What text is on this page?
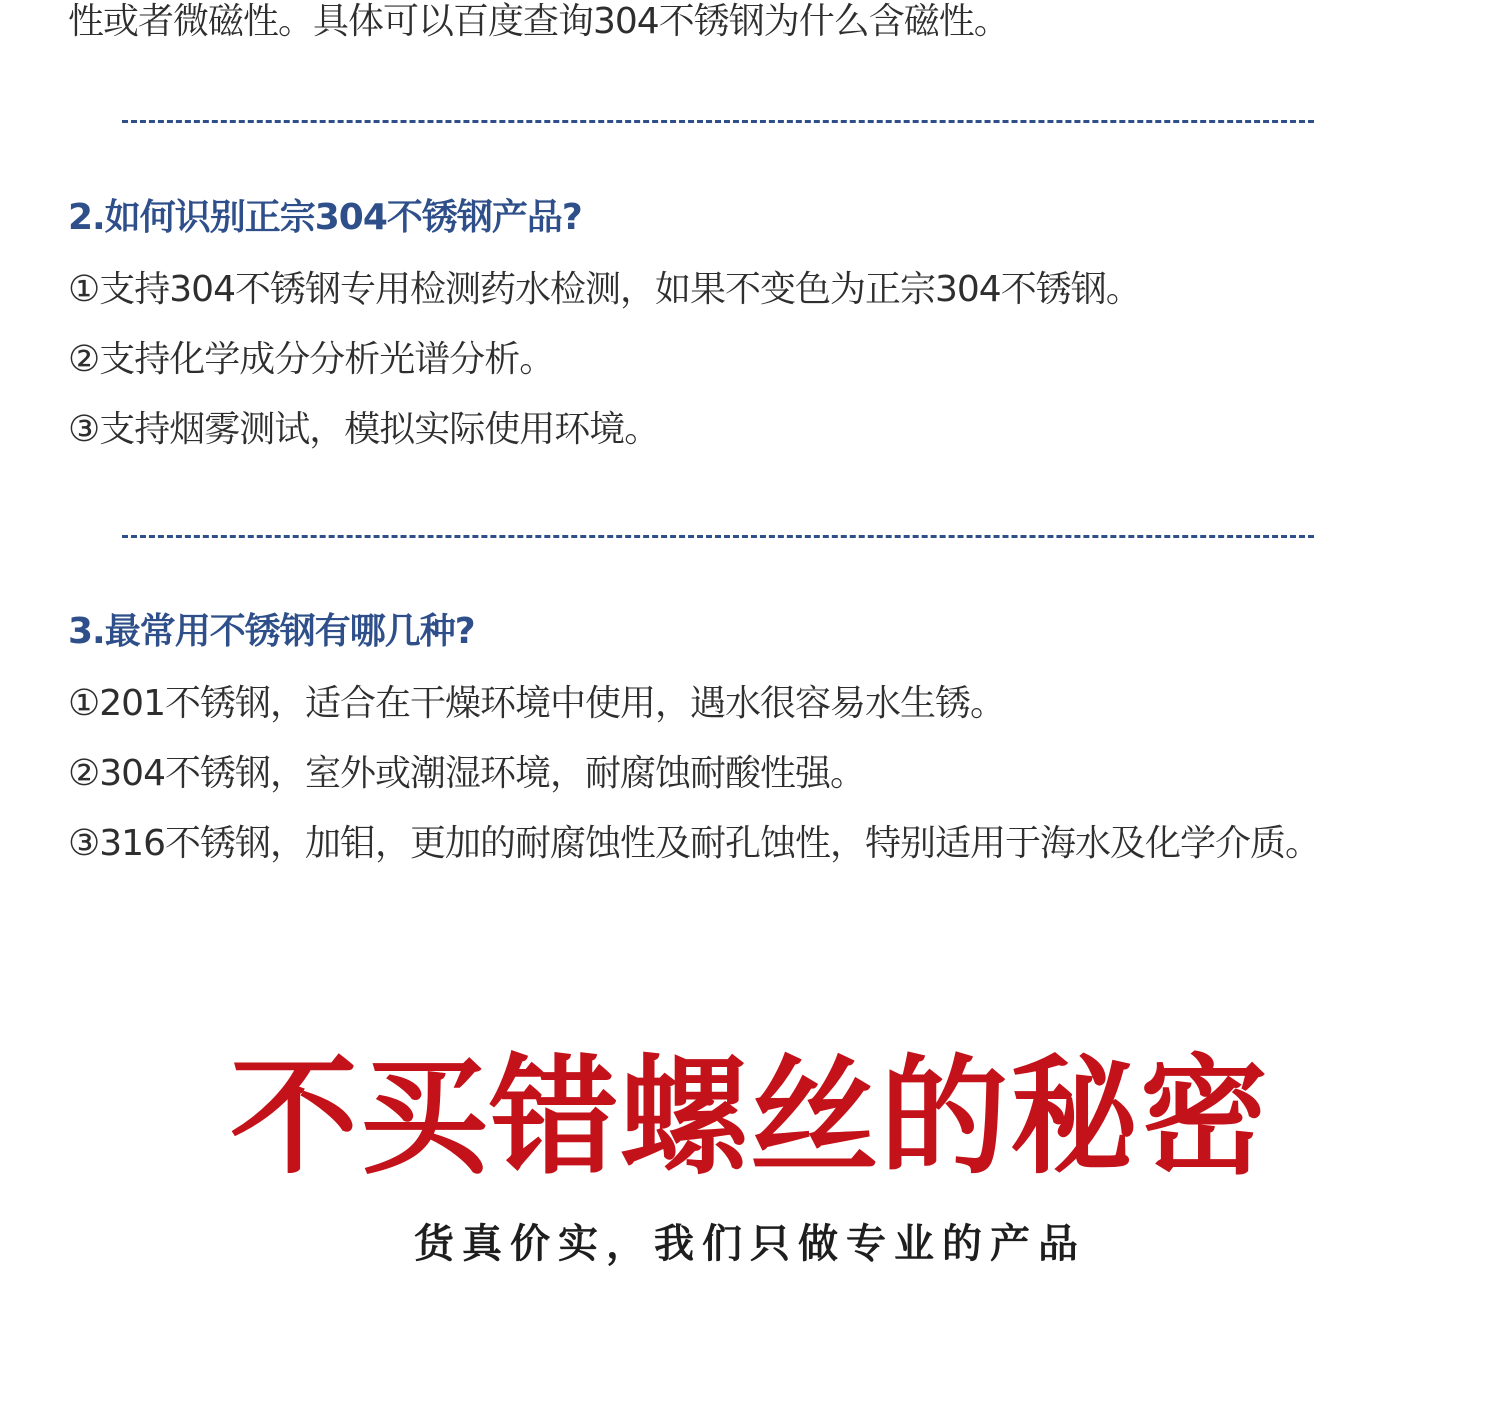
性或者微磁性。具体可以百度查询304不锈钢为什么含磁性。
2.如何识别正宗304不锈钢产品?
①支持304不锈钢专用检测药水检测，如果不变色为正宗304不锈钢。
②支持化学成分分析光谱分析。
③支持烟雾测试，模拟实际使用环境。
3.最常用不锈钢有哪几种?
①201不锈钢，适合在干燥环境中使用，遇水很容易水生锈。
②304不锈钢，室外或潮湿环境，耐腐蚀耐酸性强。
③316不锈钢，加钼，更加的耐腐蚀性及耐孔蚀性，特别适用于海水及化学介质。
不买错螺丝的秘密
货真价实，我们只做专业的产品
